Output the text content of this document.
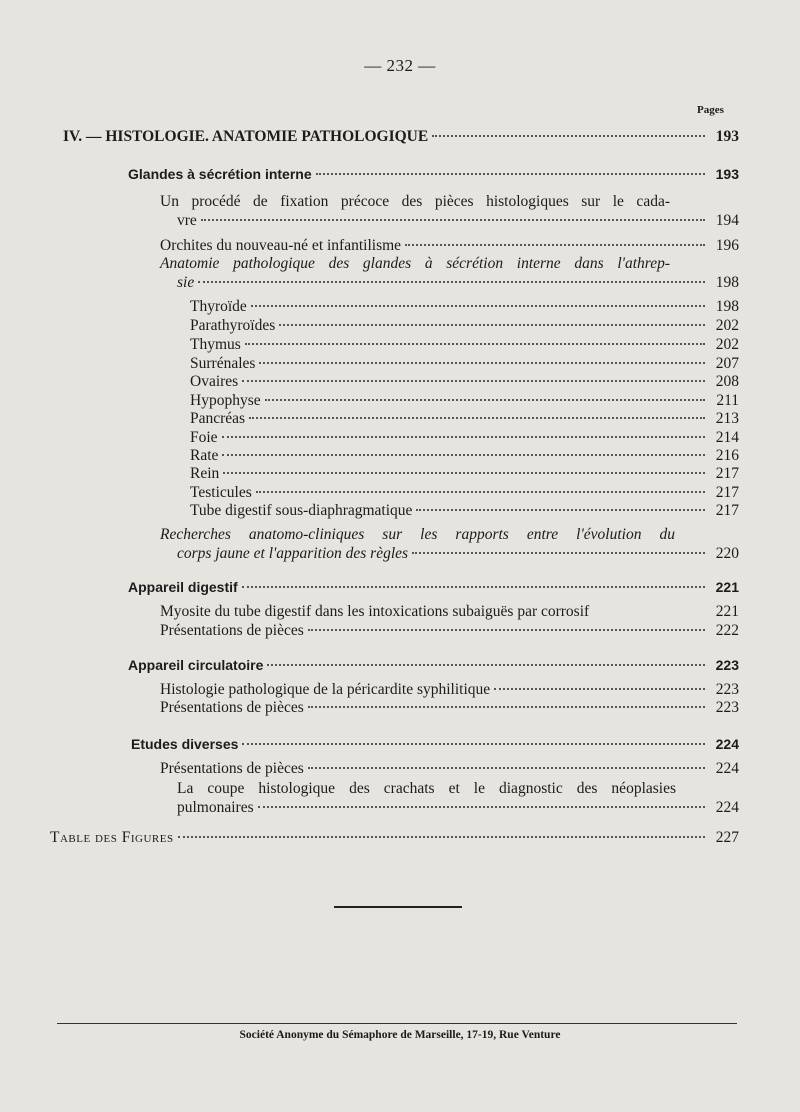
— 232 —
Pages
IV. — HISTOLOGIE. ANATOMIE PATHOLOGIQUE	193
Glandes à sécrétion interne	193
Un procédé de fixation précoce des pièces histologiques sur le cada-
vre	194
Orchites du nouveau-né et infantilisme	196
Anatomie pathologique des glandes à sécrétion interne dans l'athrep-
sie	198
Thyroïde	198
Parathyroïdes	202
Thymus	202
Surrénales	207
Ovaires	208
Hypophyse	211
Pancréas	213
Foie	214
Rate	216
Rein	217
Testicules	217
Tube digestif sous-diaphragmatique	217
Recherches anatomo-cliniques sur les rapports entre l'évolution du
corps jaune et l'apparition des règles	220
Appareil digestif	221
Myosite du tube digestif dans les intoxications subaiguës par corrosif	221
Présentations de pièces	222
Appareil circulatoire	223
Histologie pathologique de la péricardite syphilitique	223
Présentations de pièces	223
Etudes diverses	224
Présentations de pièces	224
La coupe histologique des crachats et le diagnostic des néoplasies
pulmonaires	224
Table des Figures	227
Société Anonyme du Sémaphore de Marseille, 17-19, Rue Venture
